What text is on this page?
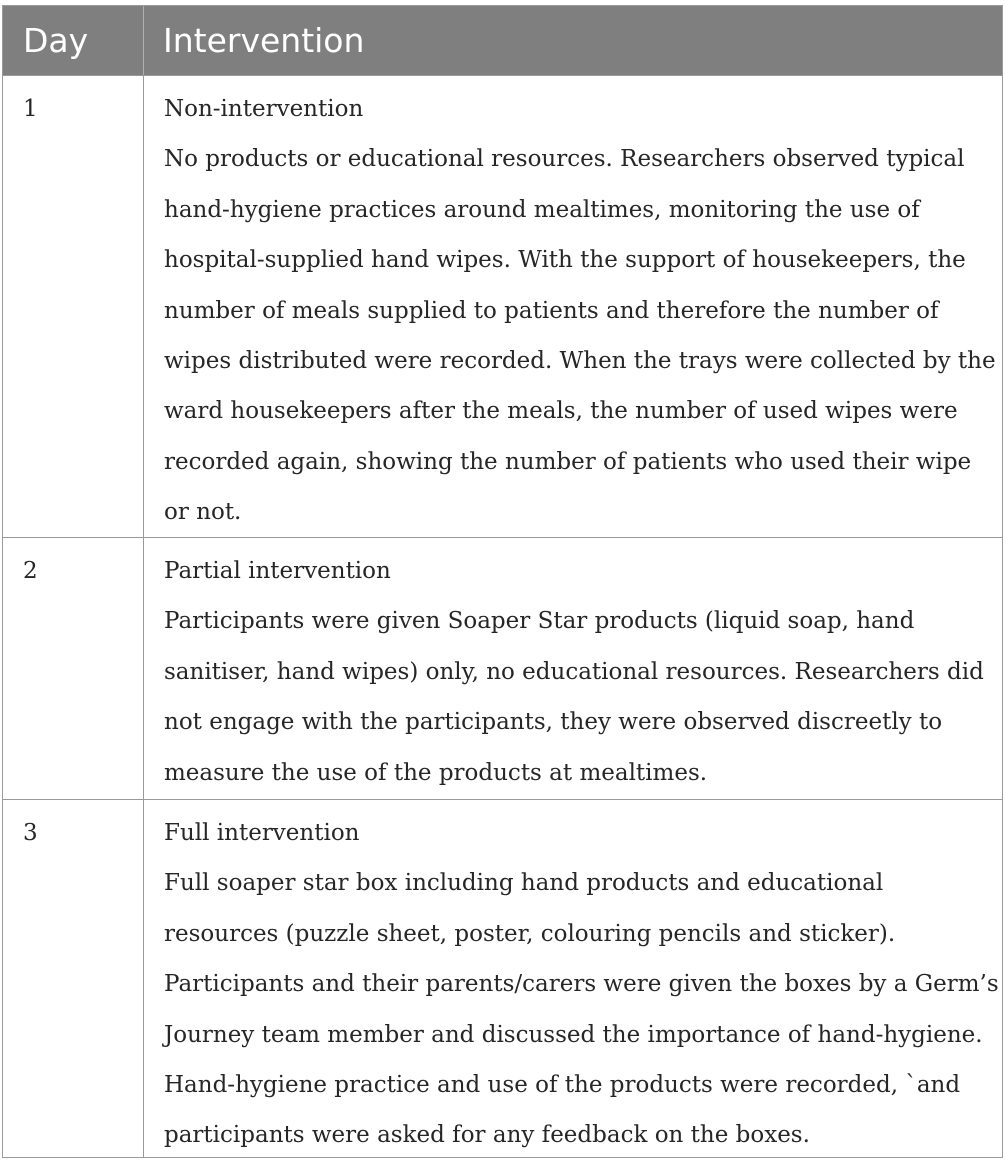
Day Intervention
1	Non-intervention
No products or educational resources. Researchers observed typical
hand-hygiene practices around mealtimes, monitoring the use of
hospital-supplied hand wipes. With the support of housekeepers, the
number of meals supplied to patients and therefore the number of
wipes distributed were recorded. When the trays were collected by the
ward housekeepers after the meals, the number of used wipes were
recorded again, showing the number of patients who used their wipe
or not.
2	Partial intervention
Participants were given Soaper Star products (liquid soap, hand
sanitiser, hand wipes) only, no educational resources. Researchers did
not engage with the participants, they were observed discreetly to
measure the use of the products at mealtimes.
3	Full intervention
Full soaper star box including hand products and educational
resources (puzzle sheet, poster, colouring pencils and sticker).
Participants and their parents/carers were given the boxes by a Germ’s
Journey team member and discussed the importance of hand-hygiene.
Hand-hygiene practice and use of the products were recorded, `and
participants were asked for any feedback on the boxes.
